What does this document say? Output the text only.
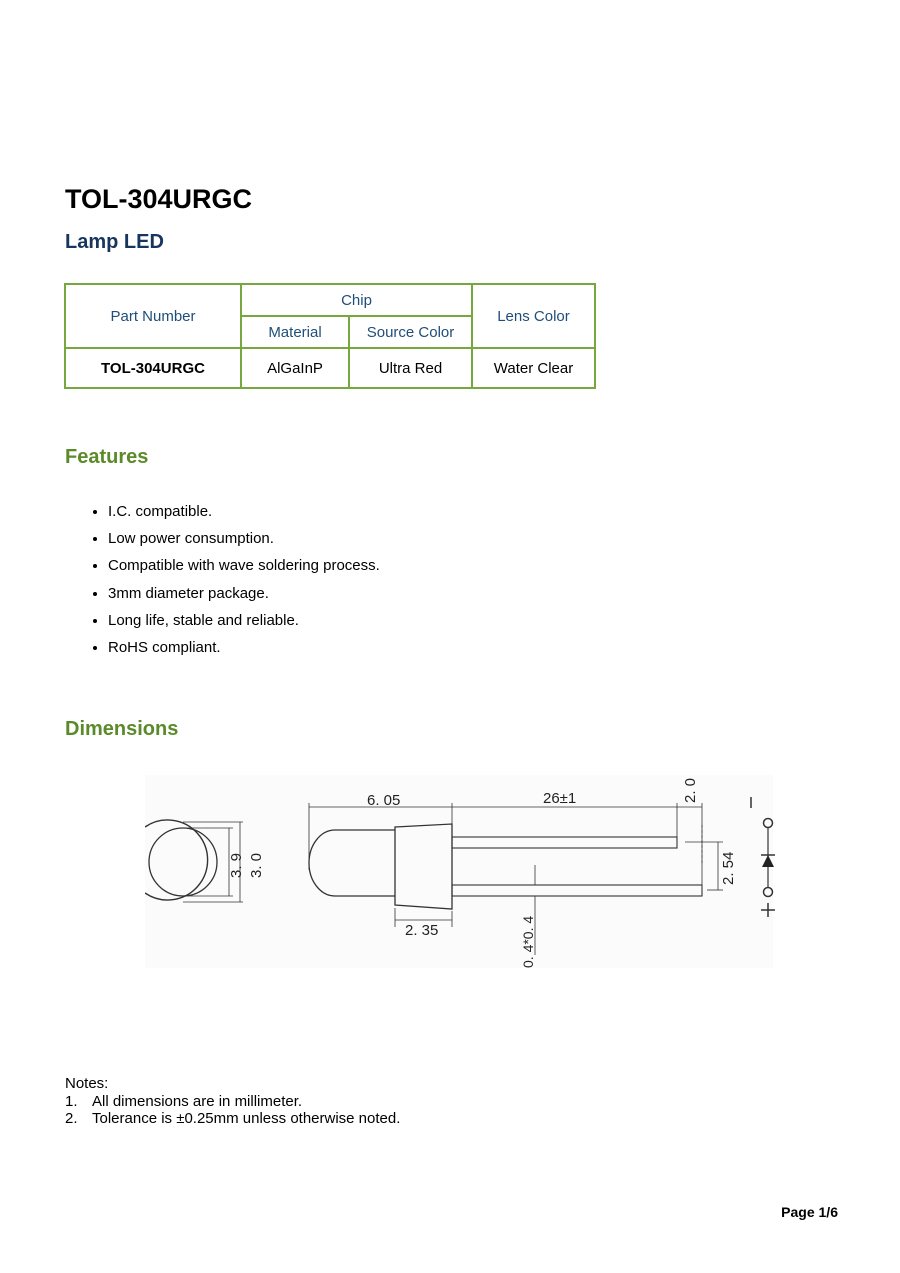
TOL-304URGC
Lamp LED
Part Number	Chip		Lens Color
	Material	Source Color	
TOL-304URGC	AlGaInP	Ultra Red	Water Clear
Features
• I.C. compatible.
• Low power consumption.
• Compatible with wave soldering process.
• 3mm diameter package.
• Long life, stable and reliable.
• RoHS compliant.
Dimensions
3. 9 3. 0
6. 05	26±1	2. 0
2. 54
2. 35	0. 4*0. 4
Notes:
1. All dimensions are in millimeter.
2. Tolerance is ±0.25mm unless otherwise noted.
Page 1/6
